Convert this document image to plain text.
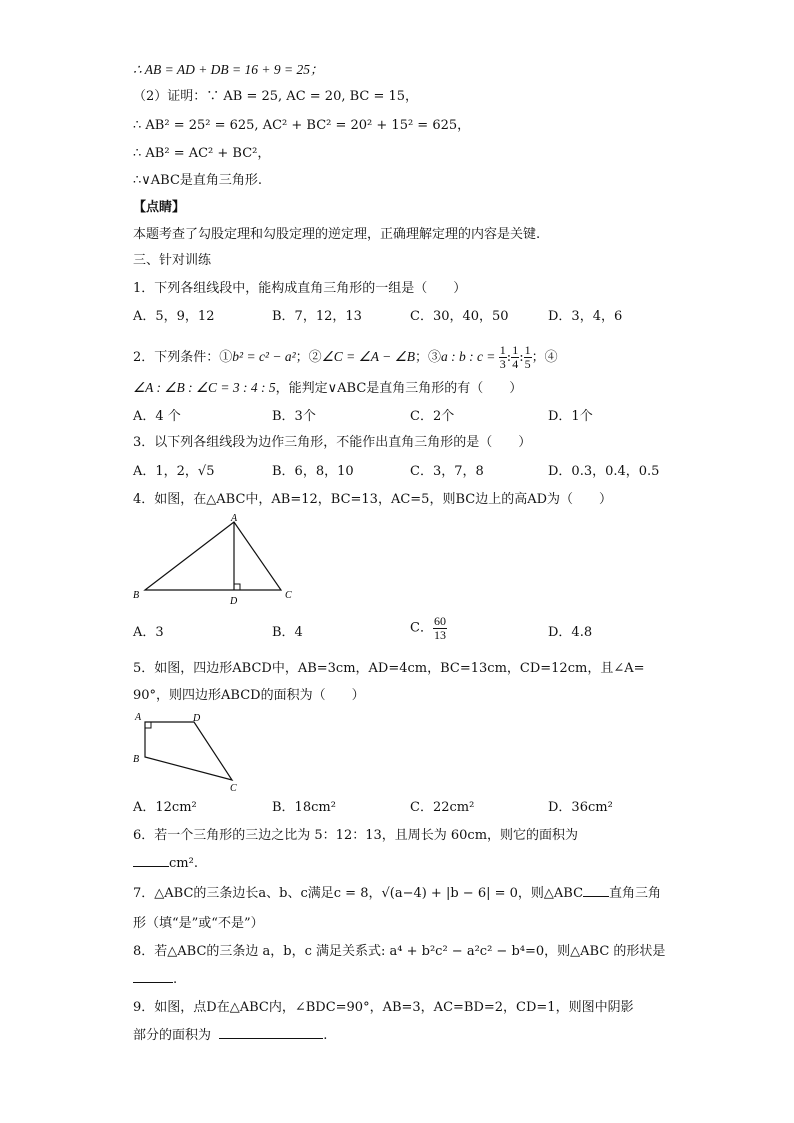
∴ AB = AD + DB = 16 + 9 = 25；
（2）证明：∵ AB = 25, AC = 20, BC = 15，
∴ AB² = 25² = 625, AC² + BC² = 20² + 15² = 625，
∴ AB² = AC² + BC²，
∴∨ABC是直角三角形.
【点睛】
本题考查了勾股定理和勾股定理的逆定理，正确理解定理的内容是关键.
三、针对训练
1．下列各组线段中，能构成直角三角形的一组是（　　）
A．5，9，12	B．7，12，13	C．30，40，50	D．3，4，6
2．下列条件：①b² = c² − a²；②∠C = ∠A − ∠B；③a : b : $c = \frac{1}{3}$ : $\frac{1}{4}$ : $\frac{1}{5}$ ；④
∠A : ∠B : ∠C = 3 : 4 : 5，能判定∨ABC是直角三角形的有（　　）
A．4 个	B．3个	C．2个	D．1个
3．以下列各组线段为边作三角形，不能作出直角三角形的是（　　）
A．1，2，√5	B．6，8，10	C．3，7，8	D．0.3，0.4，0.5
4．如图，在△ABC中，AB=12，BC=13，AC=5，则BC边上的高AD为（　　）
A
B	C
D
A．3	B．4	C． $\frac{60}{13}$	D．4.8
5．如图，四边形ABCD中，AB=3cm，AD=4cm，BC=13cm，CD=12cm，且∠A=
90°，则四边形ABCD的面积为（　　）
A	D
B
C
A．12cm²	B．18cm²	C．22cm²	D．36cm²
6．若一个三角形的三边之比为 5：12：13，且周长为 60cm，则它的面积为
cm².
7．△ABC的三条边长a、b、c满足c = 8，√(a−4) + |b − 6| = 0，则△ABC 直角三角
形（填“是”或“不是”）
8．若△ABC的三条边 a，b，c 满足关系式: a⁴ + b²c² − a²c² − b⁴=0，则△ABC 的形状是
.
9．如图，点D在△ABC内，∠BDC=90°，AB=3，AC=BD=2，CD=1，则图中阴影
部分的面积为	.
